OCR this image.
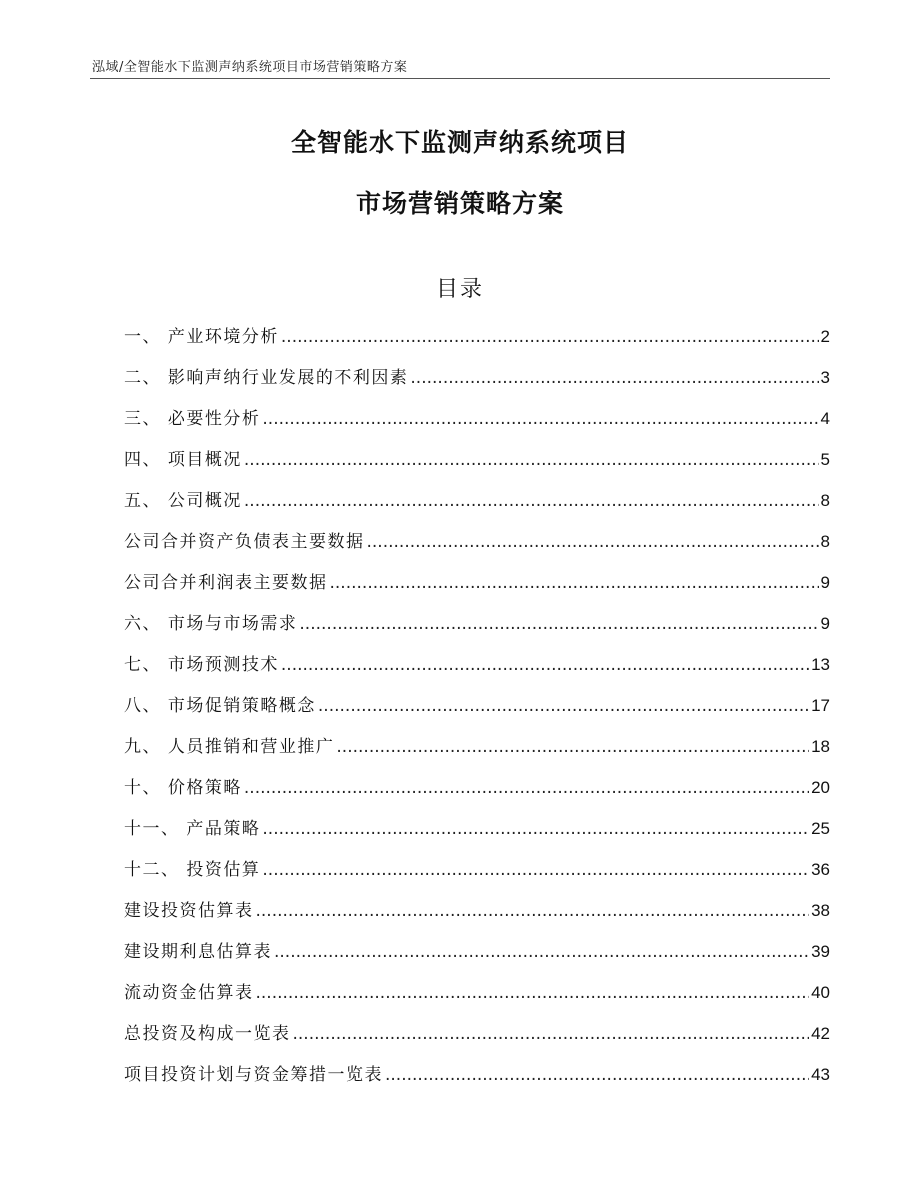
泓域/全智能水下监测声纳系统项目市场营销策略方案
全智能水下监测声纳系统项目
市场营销策略方案
目录
一、 产业环境分析 .....	2
二、 影响声纳行业发展的不利因素 .....	3
三、 必要性分析 .....	4
四、 项目概况 .....	5
五、 公司概况 .....	8
公司合并资产负债表主要数据 .....	8
公司合并利润表主要数据 .....	9
六、 市场与市场需求 .....	9
七、 市场预测技术 .....	13
八、 市场促销策略概念 .....	17
九、 人员推销和营业推广 .....	18
十、 价格策略 .....	20
十一、 产品策略 .....	25
十二、 投资估算 .....	36
建设投资估算表 .....	38
建设期利息估算表 .....	39
流动资金估算表 .....	40
总投资及构成一览表 .....	42
项目投资计划与资金筹措一览表 .....	43
